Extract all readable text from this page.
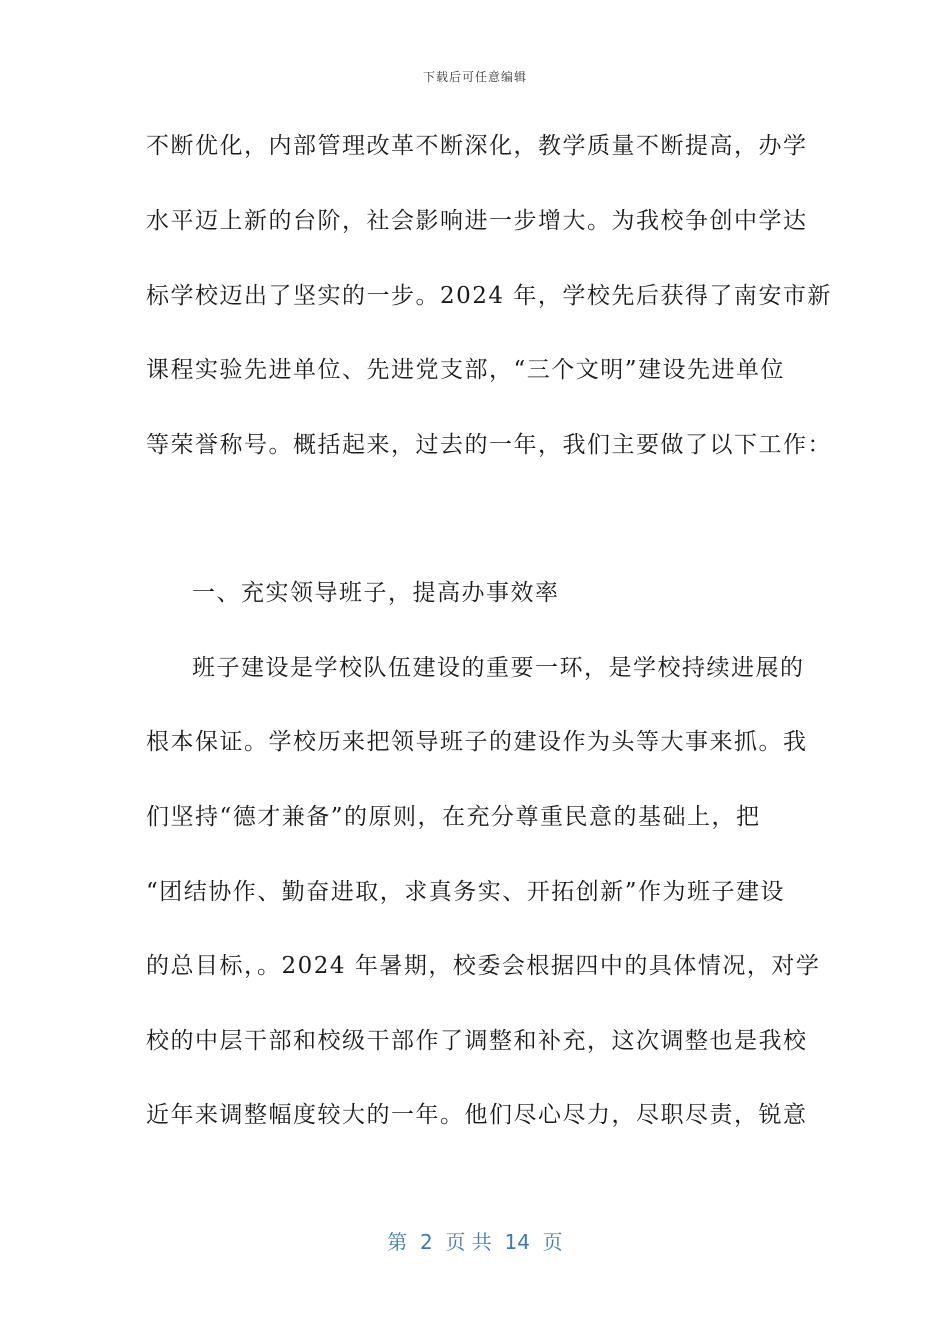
下载后可任意编辑
不断优化，内部管理改革不断深化，教学质量不断提高，办学
水平迈上新的台阶，社会影响进一步增大。为我校争创中学达
标学校迈出了坚实的一步。2024 年，学校先后获得了南安市新
课程实验先进单位、先进党支部，“三个文明”建设先进单位
等荣誉称号。概括起来，过去的一年，我们主要做了以下工作：
一、充实领导班子，提高办事效率
班子建设是学校队伍建设的重要一环，是学校持续进展的
根本保证。学校历来把领导班子的建设作为头等大事来抓。我
们坚持“德才兼备”的原则，在充分尊重民意的基础上，把
“团结协作、勤奋进取，求真务实、开拓创新”作为班子建设
的总目标，。2024 年暑期，校委会根据四中的具体情况，对学
校的中层干部和校级干部作了调整和补充，这次调整也是我校
近年来调整幅度较大的一年。他们尽心尽力，尽职尽责，锐意
第  2  页 共  14  页
